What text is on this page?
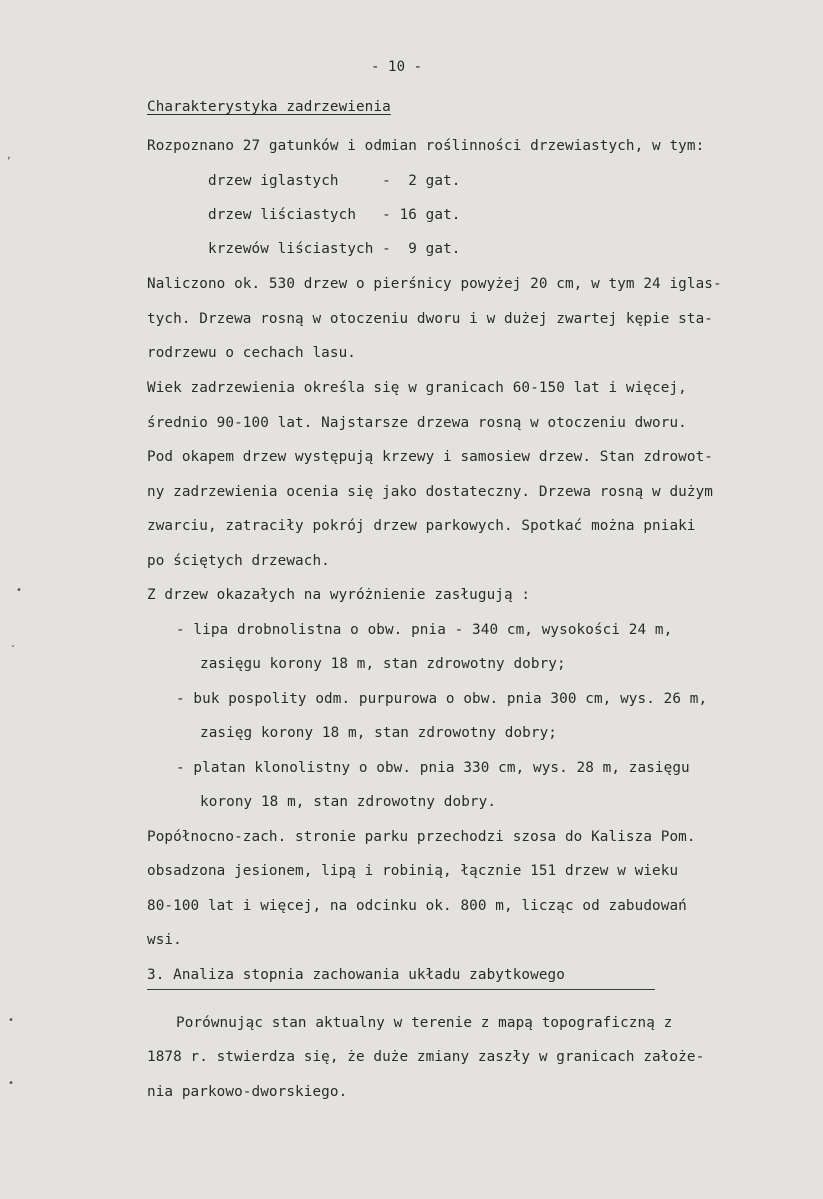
- 10 -
Charakterystyka zadrzewienia
Rozpoznano 27 gatunków i odmian roślinności drzewiastych, w tym:
drzew iglastych     -  2 gat.
drzew liściastych   - 16 gat.
krzewów liściastych -  9 gat.
Naliczono ok. 530 drzew o pierśnicy powyżej 20 cm, w tym 24 iglas-
tych. Drzewa rosną w otoczeniu dworu i w dużej zwartej kępie sta-
rodrzewu o cechach lasu.
Wiek zadrzewienia określa się w granicach 60-150 lat i więcej,
średnio 90-100 lat. Najstarsze drzewa rosną w otoczeniu dworu.
Pod okapem drzew występują krzewy i samosiew drzew. Stan zdrowot-
ny zadrzewienia ocenia się jako dostateczny. Drzewa rosną w dużym
zwarciu, zatraciły pokrój drzew parkowych. Spotkać można pniaki
po ściętych drzewach.
Z drzew okazałych na wyróżnienie zasługują :
- lipa drobnolistna o obw. pnia - 340 cm, wysokości 24 m,
zasięgu korony 18 m, stan zdrowotny dobry;
- buk pospolity odm. purpurowa o obw. pnia 300 cm, wys. 26 m,
zasięg korony 18 m, stan zdrowotny dobry;
- platan klonolistny o obw. pnia 330 cm, wys. 28 m, zasięgu
korony 18 m, stan zdrowotny dobry.
Popółnocno-zach. stronie parku przechodzi szosa do Kalisza Pom.
obsadzona jesionem, lipą i robinią, łącznie 151 drzew w wieku
80-100 lat i więcej, na odcinku ok. 800 m, licząc od zabudowań
wsi.
3. Analiza stopnia zachowania układu zabytkowego
Porównując stan aktualny w terenie z mapą topograficzną z
1878 r. stwierdza się, że duże zmiany zaszły w granicach założe-
nia parkowo-dworskiego.
,
•
ˇ
•
•
